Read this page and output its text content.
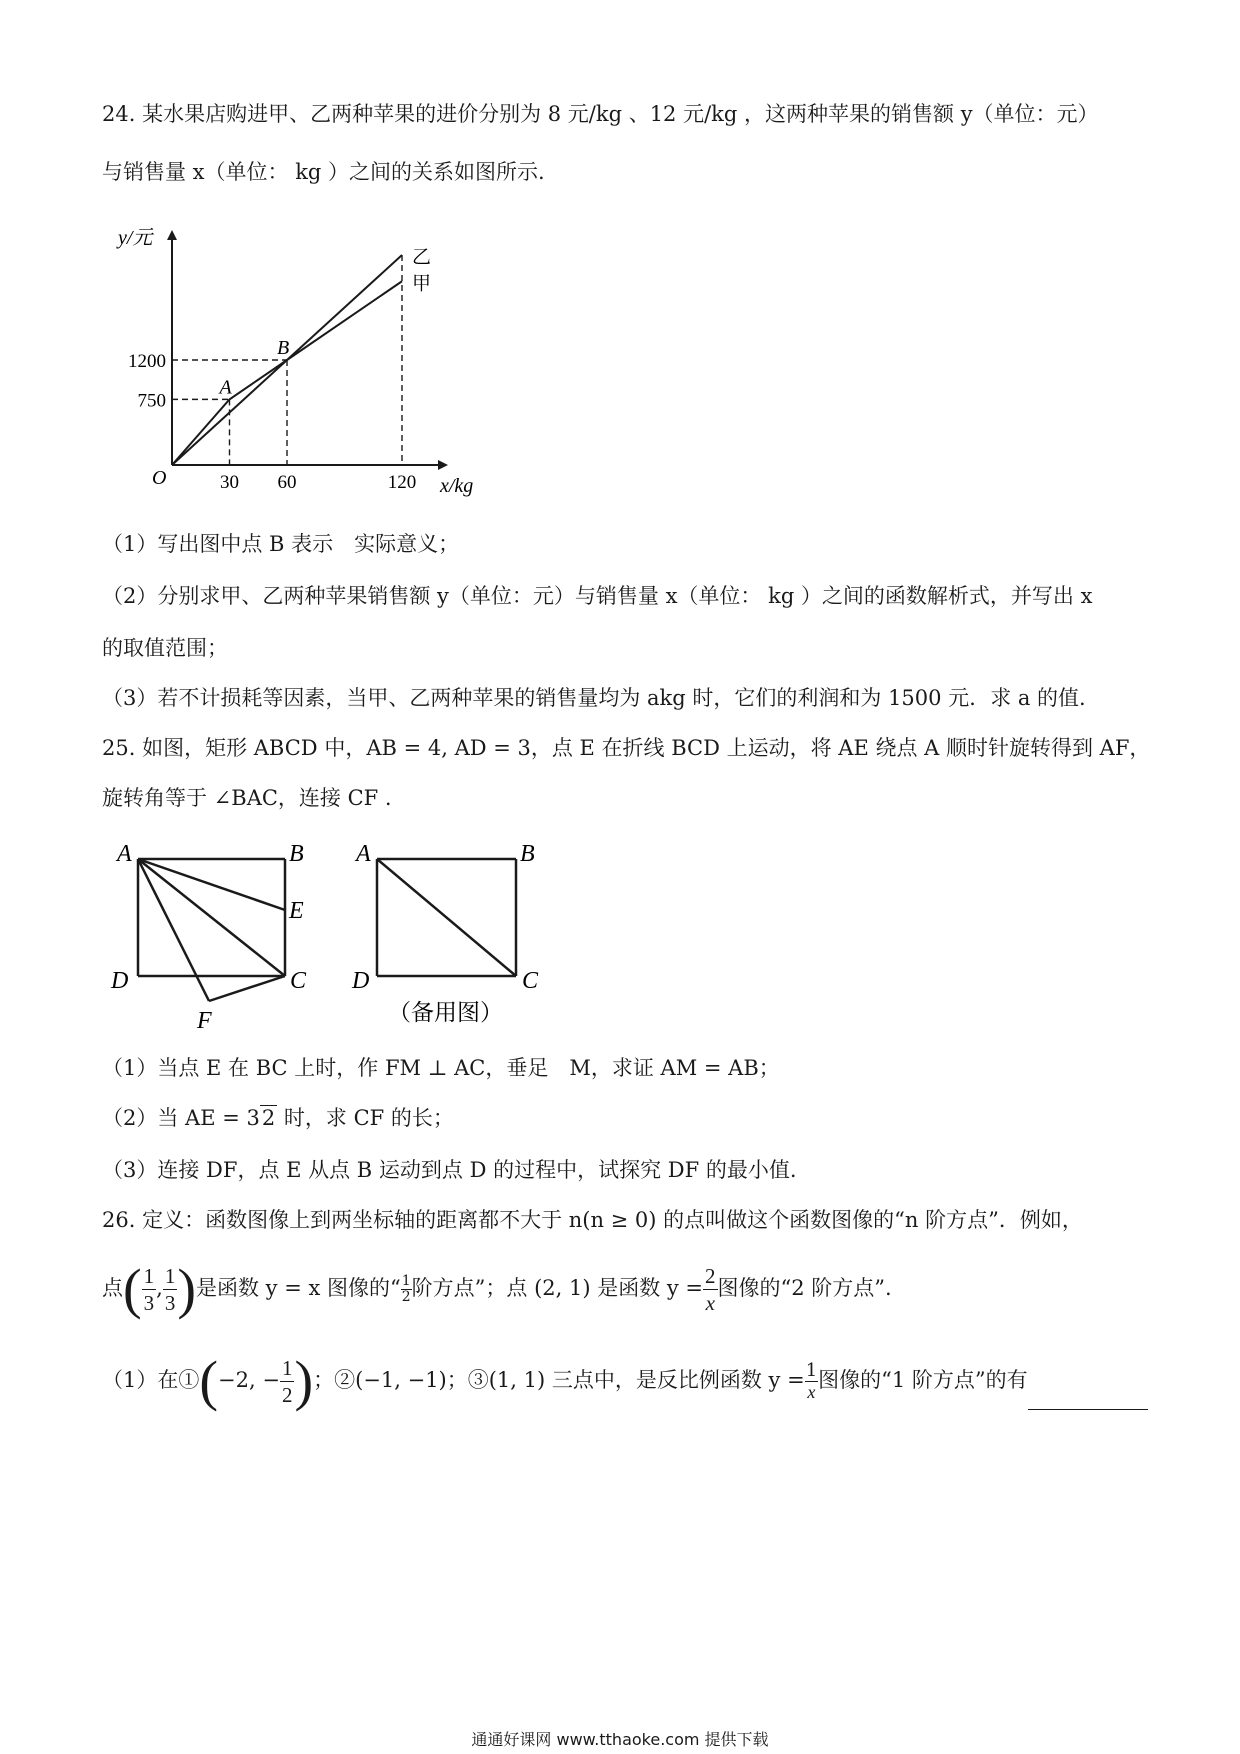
24. 某水果店购进甲、乙两种苹果的进价分别为 8 元/kg 、12 元/kg ，这两种苹果的销售额 y（单位：元）
与销售量 x（单位： kg ）之间的关系如图所示.
y/元
x/kg
O	30 60	120
750
1200
甲
乙
A
B
（1）写出图中点 B 表示　实际意义；
（2）分别求甲、乙两种苹果销售额 y（单位：元）与销售量 x（单位： kg ）之间的函数解析式，并写出 x
的取值范围；
（3）若不计损耗等因素，当甲、乙两种苹果的销售量均为 akg 时，它们的利润和为 1500 元．求 a 的值.
25. 如图，矩形 ABCD 中，AB = 4, AD = 3，点 E 在折线 BCD 上运动，将 AE 绕点 A 顺时针旋转得到 AF，
旋转角等于 ∠BAC，连接 CF .
A	B
E
C
D
F
A	B
C
D
（备用图）
（1）当点 E 在 BC 上时，作 FM ⊥ AC，垂足　M，求证 AM = AB；
（2）当 AE = 32 时，求 CF 的长；
（3）连接 DF，点 E 从点 B 运动到点 D 的过程中，试探究 DF 的最小值.
26. 定义：函数图像上到两坐标轴的距离都不大于 n(n ≥ 0) 的点叫做这个函数图像的“n 阶方点”．例如，
点( $\frac{1}{3}$ , $\frac{1}{3}$ )是函数 y = x 图像的“ $\frac{1}{2}$ 阶方点”；点 (2, 1) 是函数 $y = \frac{2}{x}$ 图像的“2 阶方点”.
（1）在①(−2, − $\frac{1}{2}$ )；②(−1, −1)；③(1, 1) 三点中，是反比例函数 $y = \frac{1}{x}$ 图像的“1 阶方点”的有
通通好课网 www.tthaoke.com 提供下载
